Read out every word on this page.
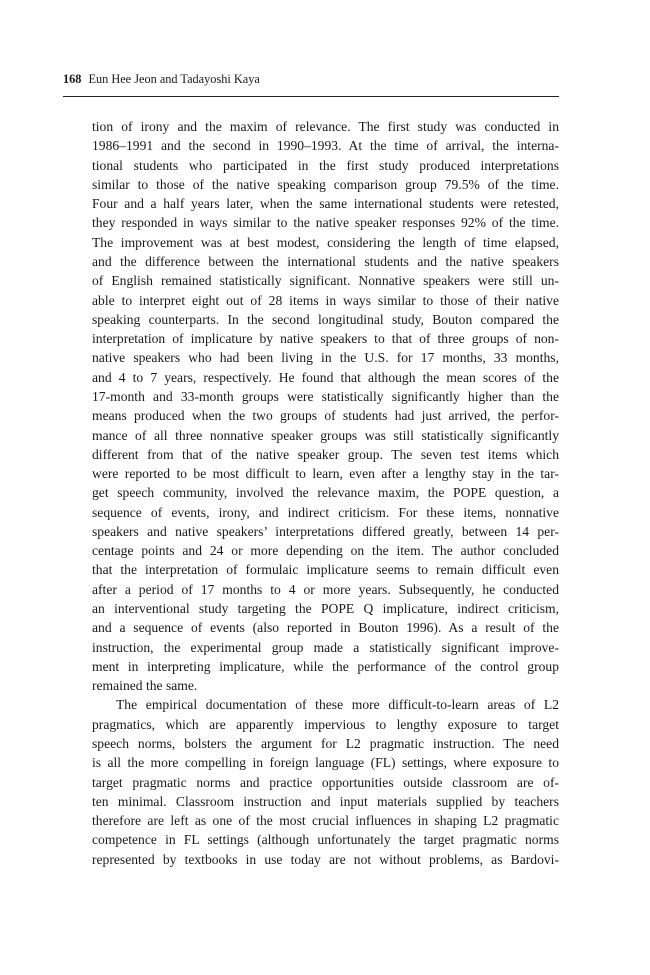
168 Eun Hee Jeon and Tadayoshi Kaya
tion of irony and the maxim of relevance. The first study was conducted in
1986–1991 and the second in 1990–1993. At the time of arrival, the interna-
tional students who participated in the first study produced interpretations
similar to those of the native speaking comparison group 79.5% of the time.
Four and a half years later, when the same international students were retested,
they responded in ways similar to the native speaker responses 92% of the time.
The improvement was at best modest, considering the length of time elapsed,
and the difference between the international students and the native speakers
of English remained statistically significant. Nonnative speakers were still un-
able to interpret eight out of 28 items in ways similar to those of their native
speaking counterparts. In the second longitudinal study, Bouton compared the
interpretation of implicature by native speakers to that of three groups of non-
native speakers who had been living in the U.S. for 17 months, 33 months,
and 4 to 7 years, respectively. He found that although the mean scores of the
17-month and 33-month groups were statistically significantly higher than the
means produced when the two groups of students had just arrived, the perfor-
mance of all three nonnative speaker groups was still statistically significantly
different from that of the native speaker group. The seven test items which
were reported to be most difficult to learn, even after a lengthy stay in the tar-
get speech community, involved the relevance maxim, the POPE question, a
sequence of events, irony, and indirect criticism. For these items, nonnative
speakers and native speakers’ interpretations differed greatly, between 14 per-
centage points and 24 or more depending on the item. The author concluded
that the interpretation of formulaic implicature seems to remain difficult even
after a period of 17 months to 4 or more years. Subsequently, he conducted
an interventional study targeting the POPE Q implicature, indirect criticism,
and a sequence of events (also reported in Bouton 1996). As a result of the
instruction, the experimental group made a statistically significant improve-
ment in interpreting implicature, while the performance of the control group
remained the same.
The empirical documentation of these more difficult-to-learn areas of L2
pragmatics, which are apparently impervious to lengthy exposure to target
speech norms, bolsters the argument for L2 pragmatic instruction. The need
is all the more compelling in foreign language (FL) settings, where exposure to
target pragmatic norms and practice opportunities outside classroom are of-
ten minimal. Classroom instruction and input materials supplied by teachers
therefore are left as one of the most crucial influences in shaping L2 pragmatic
competence in FL settings (although unfortunately the target pragmatic norms
represented by textbooks in use today are not without problems, as Bardovi-
